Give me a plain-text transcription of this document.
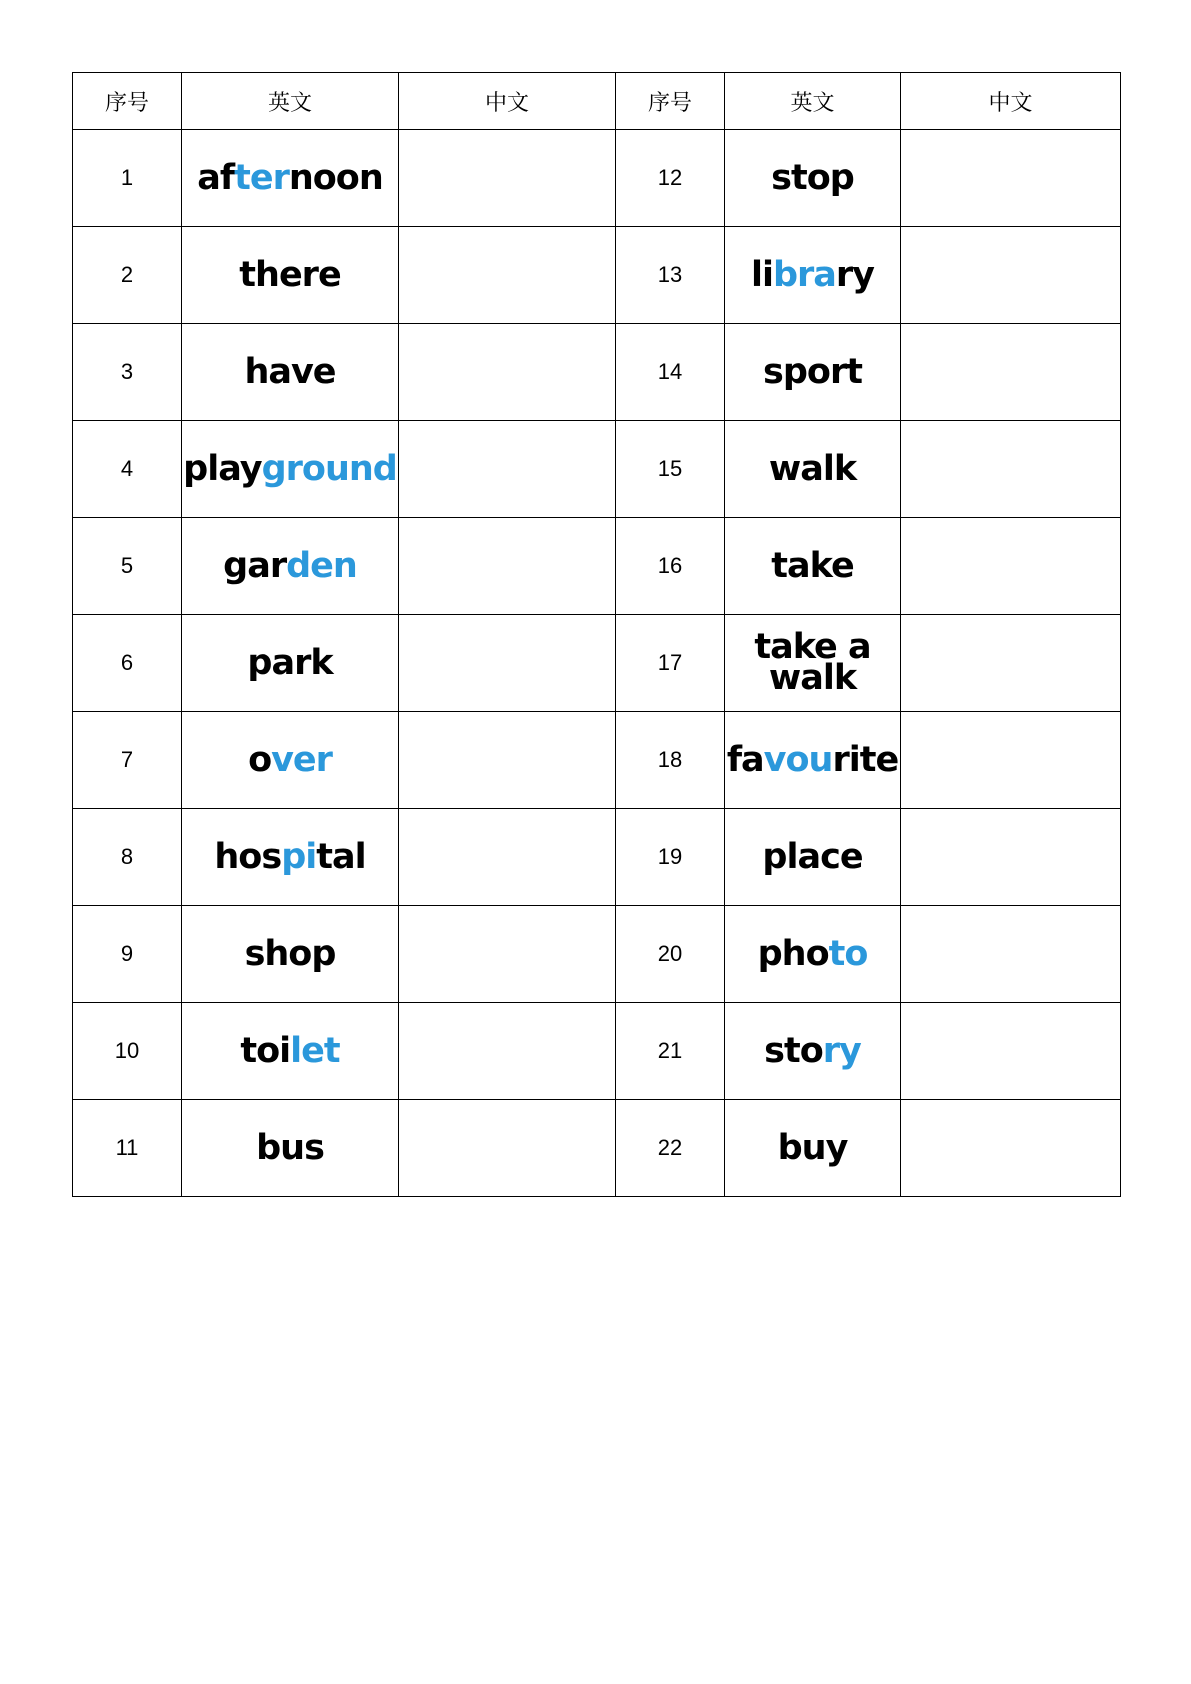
序号	英文	中文	序号	英文	中文
1	afternoon		12	stop	
2	there		13	library	
3	have		14	sport	
4	playground		15	walk	
5	garden		16	take	
6	park		17	take a walk	
7	over		18	favourite	
8	hospital		19	place	
9	shop		20	photo	
10	toilet		21	story	
11	bus		22	buy	
